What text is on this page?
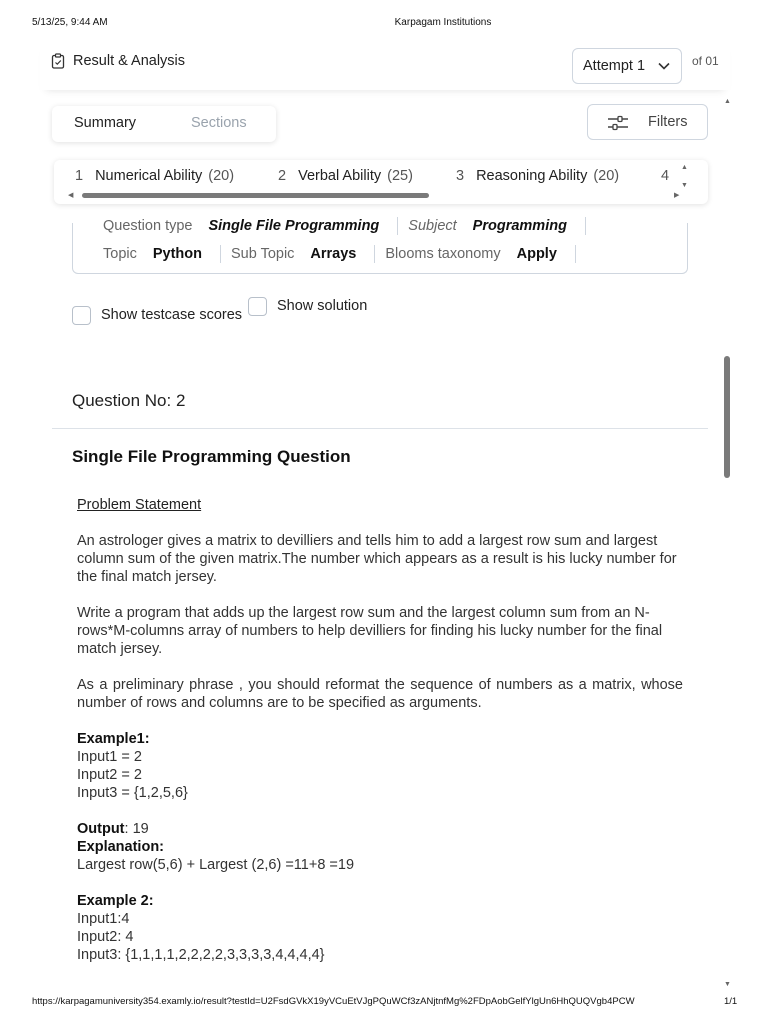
5/13/25, 9:44 AM	Karpagam Institutions
Result & Analysis	Attempt 1	of 01
Summary	Sections	Filters
1 Numerical Ability (20)	2 Verbal Ability (25)	3 Reasoning Ability (20)	4
▲
▼
◀	▶
Question type Single File Programming Subject Programming
Topic Python Sub Topic Arrays Blooms taxonomy Apply
Show testcase scores
Show solution
▲
▼
Question No: 2
Single File Programming Question
Problem Statement
An astrologer gives a matrix to devilliers and tells him to add a largest row sum and largest column sum of the given matrix.The number which appears as a result is his lucky number for the final match jersey.
Write a program that adds up the largest row sum and the largest column sum from an N- rows*M-columns array of numbers to help devilliers for finding his lucky number for the final match jersey.
As a preliminary phrase , you should reformat the sequence of numbers as a matrix, whose number of rows and columns are to be specified as arguments.
Example1:
Input1 = 2
Input2 = 2
Input3 = {1,2,5,6}
Output: 19
Explanation:
Largest row(5,6) + Largest (2,6) =11+8 =19
Example 2:
Input1:4
Input2: 4
Input3: {1,1,1,1,2,2,2,2,3,3,3,3,4,4,4,4}
https://karpagamuniversity354.examly.io/result?testId=U2FsdGVkX19yVCuEtVJgPQuWCf3zANjtnfMg%2FDpAobGelfYlgUn6HhQUQVgb4PCW	1/1
